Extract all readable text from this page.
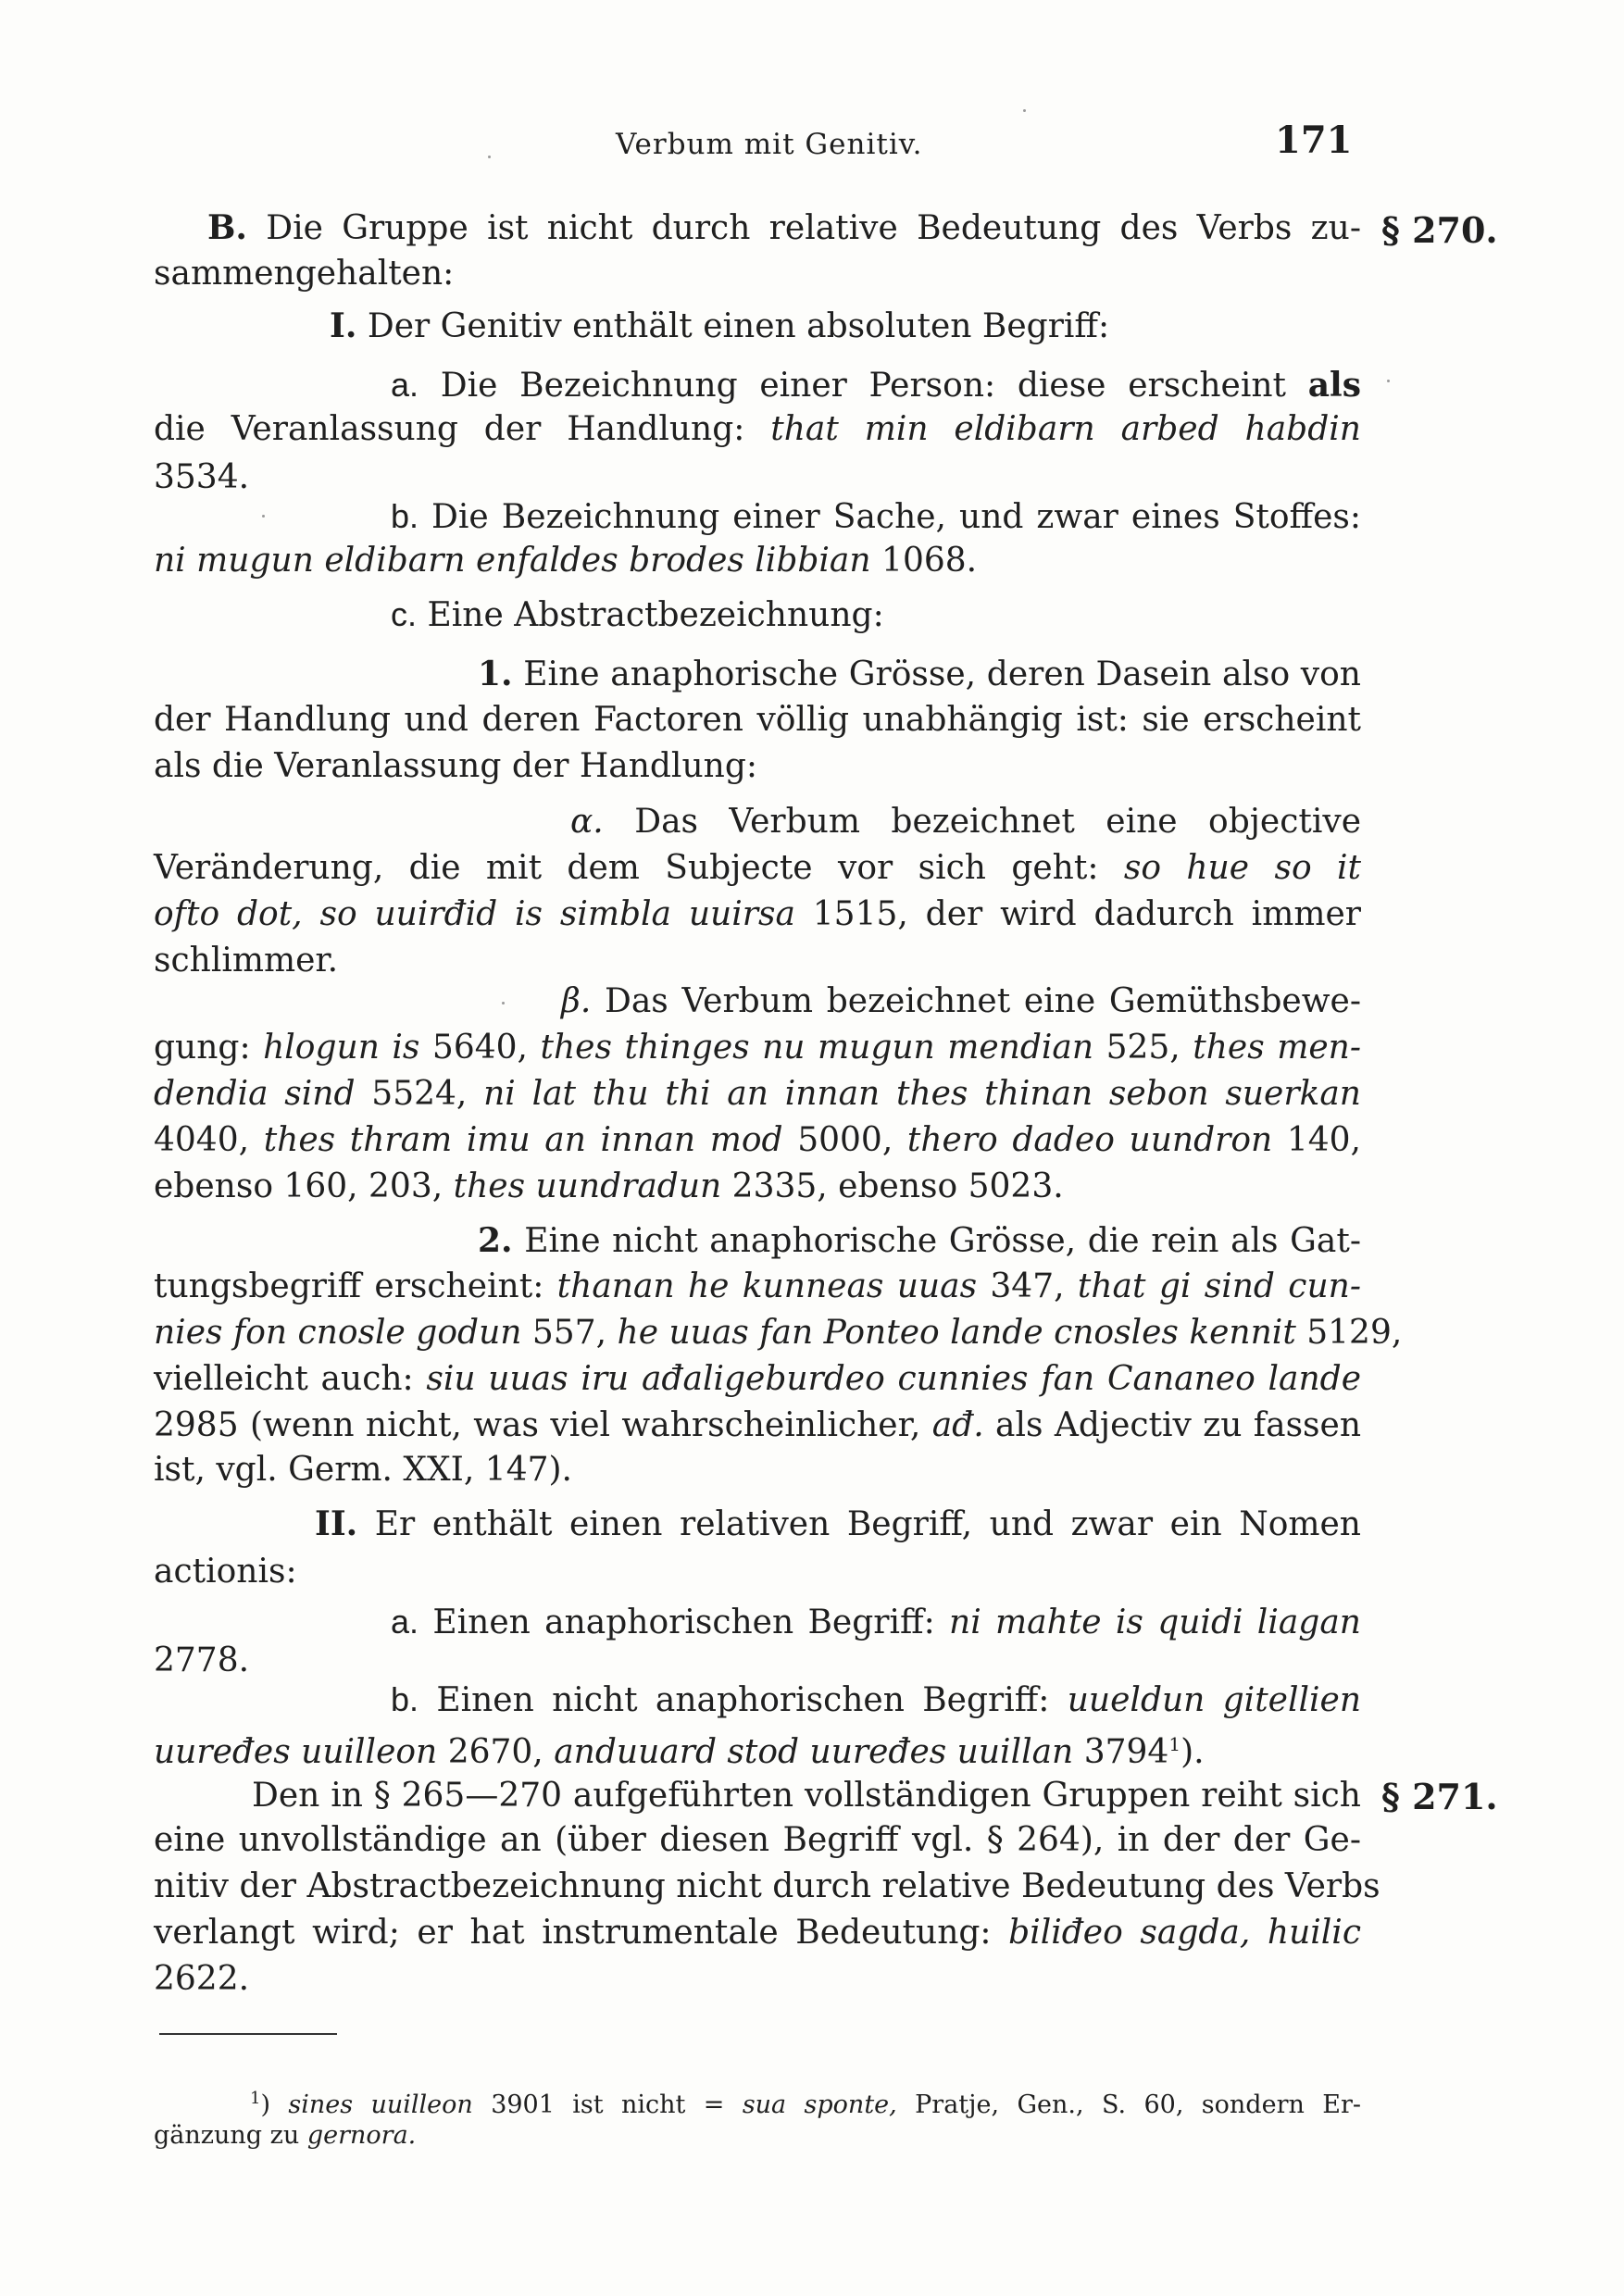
Verbum mit Genitiv.	171
§ 270.
§ 271.
B. Die Gruppe ist nicht durch relative Bedeutung des Verbs zu-
sammengehalten:
I. Der Genitiv enthält einen absoluten Begriff:
a. Die Bezeichnung einer Person: diese erscheint als
die Veranlassung der Handlung: that min eldibarn arbed habdin
3534.
b. Die Bezeichnung einer Sache, und zwar eines Stoffes:
ni mugun eldibarn enfaldes brodes libbian 1068.
c. Eine Abstractbezeichnung:
1. Eine anaphorische Grösse, deren Dasein also von
der Handlung und deren Factoren völlig unabhängig ist: sie erscheint
als die Veranlassung der Handlung:
α. Das Verbum bezeichnet eine objective
Veränderung, die mit dem Subjecte vor sich geht: so hue so it
ofto dot, so uuirđid is simbla uuirsa 1515, der wird dadurch immer
schlimmer.
β. Das Verbum bezeichnet eine Gemüthsbewe-
gung: hlogun is 5640, thes thinges nu mugun mendian 525, thes men-
dendia sind 5524, ni lat thu thi an innan thes thinan sebon suerkan
4040, thes thram imu an innan mod 5000, thero dadeo uundron 140,
ebenso 160, 203, thes uundradun 2335, ebenso 5023.
2. Eine nicht anaphorische Grösse, die rein als Gat-
tungsbegriff erscheint: thanan he kunneas uuas 347, that gi sind cun-
nies fon cnosle godun 557, he uuas fan Ponteo lande cnosles kennit 5129,
vielleicht auch: siu uuas iru ađaligeburdeo cunnies fan Cananeo lande
2985 (wenn nicht, was viel wahrscheinlicher, ađ. als Adjectiv zu fassen
ist, vgl. Germ. XXI, 147).
II. Er enthält einen relativen Begriff, und zwar ein Nomen
actionis:
a. Einen anaphorischen Begriff: ni mahte is quidi liagan
2778.
b. Einen nicht anaphorischen Begriff: uueldun gitellien
uuređes uuilleon 2670, anduuard stod uuređes uuillan 3794$^1$).
Den in § 265—270 aufgeführten vollständigen Gruppen reiht sich
eine unvollständige an (über diesen Begriff vgl. § 264), in der der Ge-
nitiv der Abstractbezeichnung nicht durch relative Bedeutung des Verbs
verlangt wird; er hat instrumentale Bedeutung: biliđeo sagda, huilic
2622.
$^1$) sines uuilleon 3901 ist nicht = sua sponte, Pratje, Gen., S. 60, sondern Er-
gänzung zu gernora.
